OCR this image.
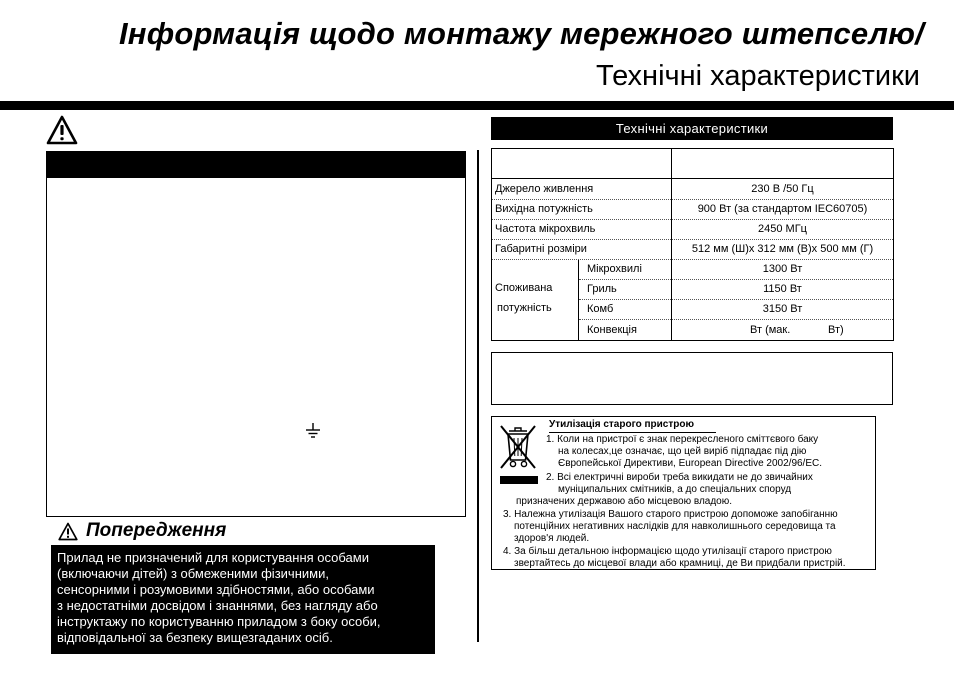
Інформація щодо монтажу мережного штепселю/
Технічні характеристики
Попередження
Прилад не призначений для користування особами
(включаючи дітей) з обмеженими фізичними,
сенсорними і розумовими здібностями, або особами
з недостатніми досвідом і знаннями, без нагляду або
інструктажу по користуванню приладом з боку особи,
відповідальної за безпеку вищезгаданих осіб.
Технічні характеристики
Джерело живлення	230 В /50 Гц
Вихідна потужність	900 Вт (за стандартом IEC60705)
Частота мікрохвиль	2450 МГц
Габаритні розміри	512 мм (Ш)x 312 мм (В)x 500 мм (Г)
Споживана
потужність
Мікрохвилі	1300 Вт
Гриль	1150 Вт
Комб	3150 Вт
Конвекція	Вт (мак.	Вт)
Утилізація старого пристрою
1. Коли на пристрої є знак перекресленого сміттєвого баку
на колесах,це означає, що цей виріб підпадає під дію
Європейської Директиви, European Directive 2002/96/EC.
2. Всі електричні вироби треба викидати не до звичайних
муніципальних смітників, а до спеціальних споруд
призначених державою або місцевою владою.
3. Належна утилізація Вашого старого пристрою допоможе запобіганню
потенційних негативних наслідків для навколишнього середовища та
здоров'я людей.
4. За більш детальною інформацією щодо утилізації старого пристрою
звертайтесь до місцевої влади або крамниці, де Ви придбали пристрій.
